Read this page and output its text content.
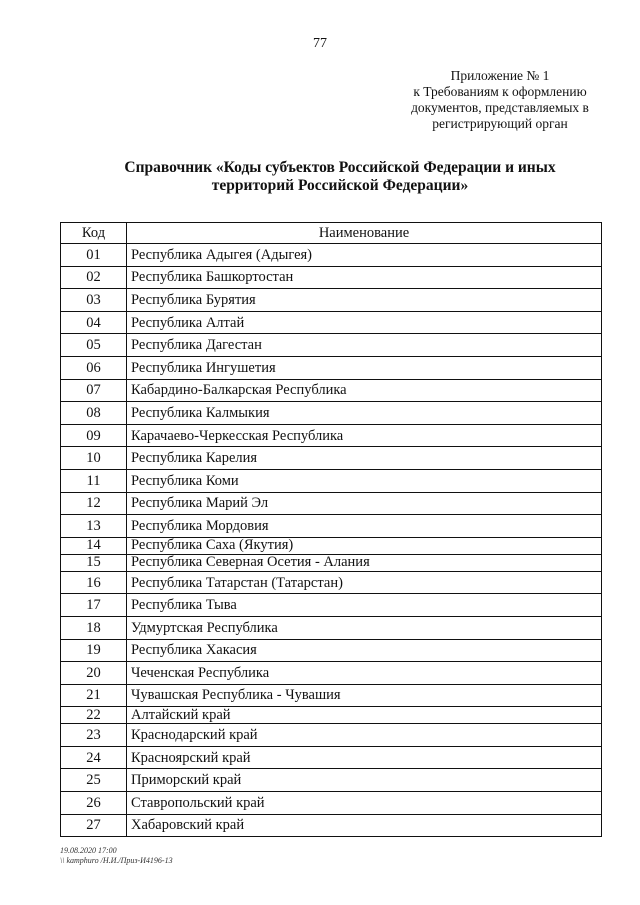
77
Приложение № 1
к Требованиям к оформлению
документов, представляемых в
регистрирующий орган
Справочник «Коды субъектов Российской Федерации и иных
территорий Российской Федерации»
Код	Наименование
01	Республика Адыгея (Адыгея)
02	Республика Башкортостан
03	Республика Бурятия
04	Республика Алтай
05	Республика Дагестан
06	Республика Ингушетия
07	Кабардино-Балкарская Республика
08	Республика Калмыкия
09	Карачаево-Черкесская Республика
10	Республика Карелия
11	Республика Коми
12	Республика Марий Эл
13	Республика Мордовия
14	Республика Саха (Якутия)
15	Республика Северная Осетия - Алания
16	Республика Татарстан (Татарстан)
17	Республика Тыва
18	Удмуртская Республика
19	Республика Хакасия
20	Чеченская Республика
21	Чувашская Республика - Чувашия
22	Алтайский край
23	Краснодарский край
24	Красноярский край
25	Приморский край
26	Ставропольский край
27	Хабаровский край
19.08.2020 17:00
\\ kamphuro /Н.И./Приз-И4196-13
